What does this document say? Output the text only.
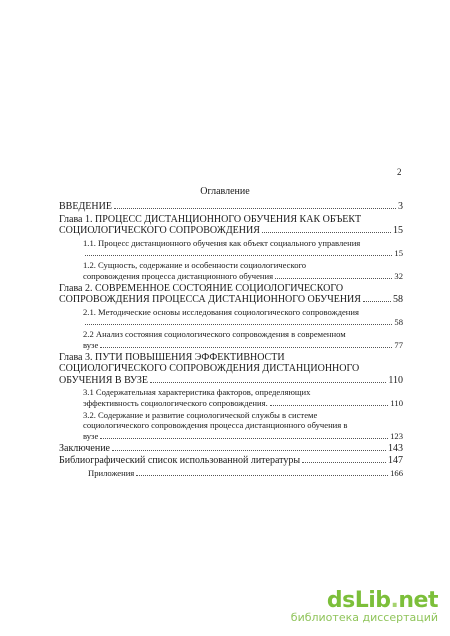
2
Оглавление
ВВЕДЕНИЕ	3
Глава 1. ПРОЦЕСС ДИСТАНЦИОННОГО ОБУЧЕНИЯ КАК ОБЪЕКТ
СОЦИОЛОГИЧЕСКОГО СОПРОВОЖДЕНИЯ	15
1.1. Процесс дистанционного обучения как объект социального управления
15
1.2. Сущность, содержание и особенности социологического
сопровождения процесса дистанционного обучения	32
Глава 2. СОВРЕМЕННОЕ СОСТОЯНИЕ СОЦИОЛОГИЧЕСКОГО
СОПРОВОЖДЕНИЯ ПРОЦЕССА ДИСТАНЦИОННОГО ОБУЧЕНИЯ	58
2.1. Методические основы исследования социологического сопровождения
58
2.2 Анализ состояния социологического сопровождения в современном
вузе	77
Глава 3. ПУТИ ПОВЫШЕНИЯ ЭФФЕКТИВНОСТИ
СОЦИОЛОГИЧЕСКОГО СОПРОВОЖДЕНИЯ ДИСТАНЦИОННОГО
ОБУЧЕНИЯ В ВУЗЕ	110
3.1 Содержательная характеристика факторов, определяющих
эффективность социологического сопровождения.	110
3.2. Содержание и развитие социологической службы в системе
социологического сопровождения процесса дистанционного обучения в
вузе	123
Заключение	143
Библиографический список использованной литературы	147
Приложения	166
dsLib.net
библиотека диссертаций
